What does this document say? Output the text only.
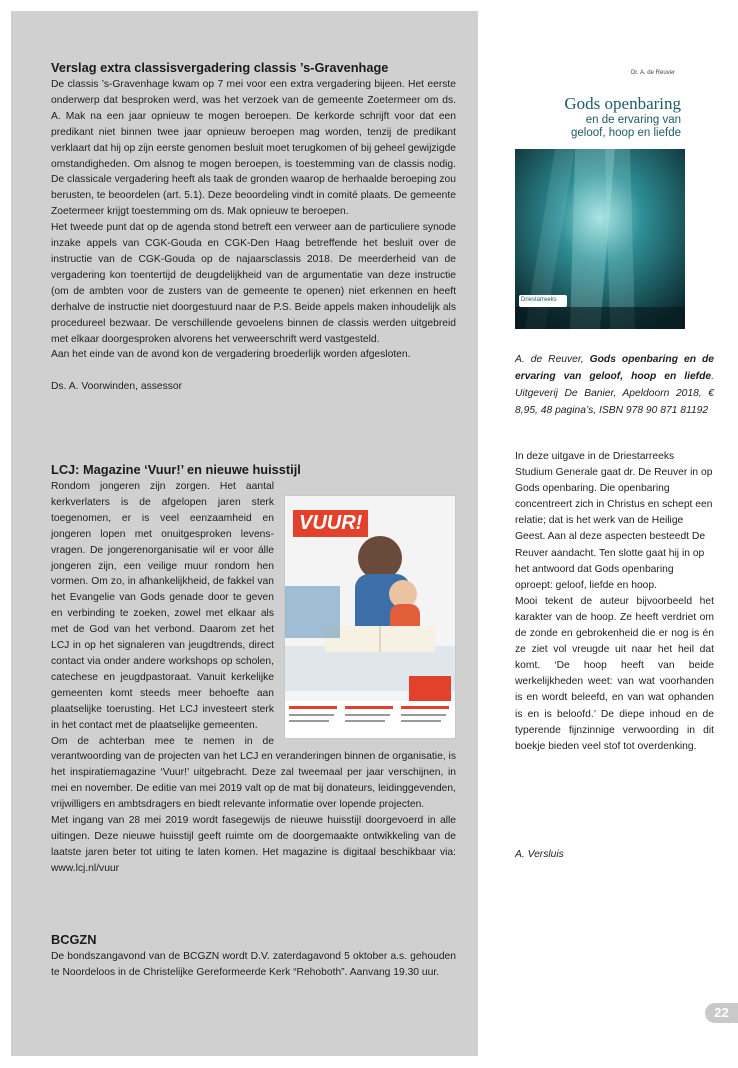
Verslag extra classisvergadering classis ’s-Gravenhage

De classis ’s-Gravenhage kwam op 7 mei voor een extra vergadering bijeen. Het eerste onderwerp dat besproken werd, was het verzoek van de gemeente Zoetermeer om ds. A. Mak na een jaar opnieuw te mogen beroepen. De kerkorde schrijft voor dat een predikant niet binnen twee jaar opnieuw beroepen mag worden, tenzij de predikant verklaart dat hij op zijn eerste genomen besluit moet terugkomen of bij geheel gewijzigde omstandigheden. Om alsnog te mogen beroepen, is toestemming van de classis nodig. De classicale vergadering heeft als taak de gronden waarop de herhaalde beroeping zou berusten, te beoordelen (art. 5.1). Deze beoordeling vindt in comité plaats. De gemeente Zoetermeer krijgt toestemming om ds. Mak opnieuw te beroepen.

Het tweede punt dat op de agenda stond betreft een verweer aan de particuliere synode inzake appels van CGK-Gouda en CGK-Den Haag betreffende het besluit over de instructie van de CGK-Gouda op de najaarsclassis 2018. De meerderheid van de vergadering kon toentertijd de deugdelijkheid van de argumentatie van deze instructie (om de ambten voor de zusters van de gemeente te openen) niet erkennen en heeft derhalve de instructie niet doorgestuurd naar de P.S. Beide appels maken inhoudelijk als procedureel bezwaar. De verschillende gevoelens binnen de classis werden uitgebreid met elkaar doorgesproken alvorens het verweerschrift werd vastgesteld.

Aan het einde van de avond kon de vergadering broederlijk worden afgesloten.

Ds. A. Voorwinden, assessor

LCJ: Magazine ‘Vuur!’ en nieuwe huisstijl
VUUR!

Rondom jongeren zijn zorgen. Het aantal kerkverlaters is de afgelopen jaren sterk toegenomen, er is veel eenzaamheid en jongeren lopen met onuitgesproken levensvragen. De jongerenorganisatie wil er voor álle jongeren zijn, een veilige muur rondom hen vormen. Om zo, in afhankelijkheid, de fakkel van het Evangelie van Gods genade door te geven en verbinding te zoeken, zowel met elkaar als met de God van het verbond. Daarom zet het LCJ in op het signaleren van jeugdtrends, direct contact via onder andere workshops op scholen, catechese en jeugdpastoraat. Vanuit kerkelijke gemeenten komt steeds meer behoefte aan plaatselijke toerusting. Het LCJ investeert sterk in het contact met de plaatselijke gemeenten.

Om de achterban mee te nemen in de verantwoording van de projecten van het LCJ en veranderingen binnen de organisatie, is het inspiratiemagazine ‘Vuur!’ uitgebracht. Deze zal tweemaal per jaar verschijnen, in mei en november. De editie van mei 2019 valt op de mat bij donateurs, leidinggevenden, vrijwilligers en ambtsdragers en biedt relevante informatie over lopende projecten.

Met ingang van 28 mei 2019 wordt fasegewijs de nieuwe huisstijl doorgevoerd in alle uitingen. Deze nieuwe huisstijl geeft ruimte om de doorgemaakte ontwikkeling van de laatste jaren beter tot uiting te laten komen. Het magazine is digitaal beschikbaar via: www.lcj.nl/vuur

BCGZN

De bondszangavond van de BCGZN wordt D.V. zaterdagavond 5 oktober a.s. gehouden te Noordeloos in de Christelijke Gereformeerde Kerk “Rehoboth”. Aanvang 19.30 uur.

Dr. A. de Reuver
Gods openbaring
en de ervaring van
geloof, hoop en liefde
Driestarreeks
A. de Reuver, Gods openbaring en de ervaring van geloof, hoop en liefde. Uitgeverij De Banier, Apeldoorn 2018, € 8,95, 48 pagina’s, ISBN 978 90 871 81192

In deze uitgave in de Driestarreeks Studium Generale gaat dr. De Reuver in op Gods openbaring. Die openbaring concentreert zich in Christus en schept een relatie; dat is het werk van de Heilige Geest. Aan al deze aspecten besteedt De Reuver aandacht. Ten slotte gaat hij in op het antwoord dat Gods openbaring oproept: geloof, liefde en hoop.

Mooi tekent de auteur bijvoorbeeld het karakter van de hoop. Ze heeft verdriet om de zonde en gebrokenheid die er nog is én ze ziet vol vreugde uit naar het heil dat komt. ‘De hoop heeft van beide werkelijkheden weet: van wat voorhanden is en wordt beleefd, en van wat ophanden is en is beloofd.’ De diepe inhoud en de typerende fijnzinnige verwoording in dit boekje bieden veel stof tot overdenking.

A. Versluis
22
